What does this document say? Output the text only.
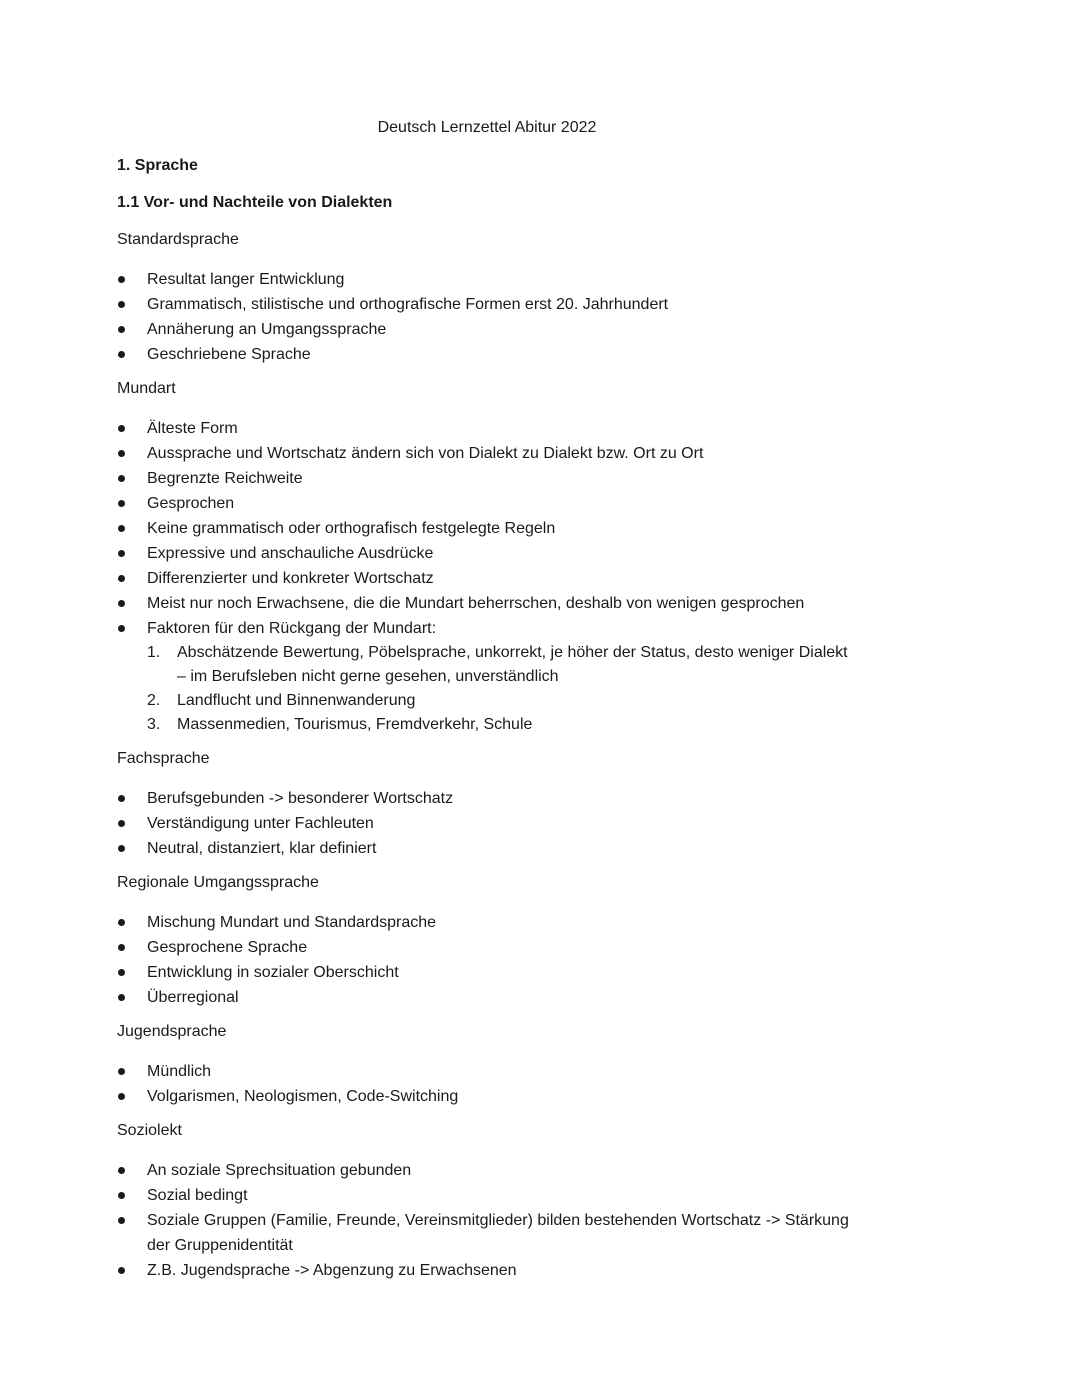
Deutsch Lernzettel Abitur 2022
1. Sprache
1.1 Vor- und Nachteile von Dialekten
Standardsprache
Resultat langer Entwicklung
Grammatisch, stilistische und orthografische Formen erst 20. Jahrhundert
Annäherung an Umgangssprache
Geschriebene Sprache
Mundart
Älteste Form
Aussprache und Wortschatz ändern sich von Dialekt zu Dialekt bzw. Ort zu Ort
Begrenzte Reichweite
Gesprochen
Keine grammatisch oder orthografisch festgelegte Regeln
Expressive und anschauliche Ausdrücke
Differenzierter und konkreter Wortschatz
Meist nur noch Erwachsene, die die Mundart beherrschen, deshalb von wenigen gesprochen
Faktoren für den Rückgang der Mundart:
1. Abschätzende Bewertung, Pöbelsprache, unkorrekt, je höher der Status, desto weniger Dialekt – im Berufsleben nicht gerne gesehen, unverständlich
2. Landflucht und Binnenwanderung
3. Massenmedien, Tourismus, Fremdverkehr, Schule
Fachsprache
Berufsgebunden -> besonderer Wortschatz
Verständigung unter Fachleuten
Neutral, distanziert, klar definiert
Regionale Umgangssprache
Mischung Mundart und Standardsprache
Gesprochene Sprache
Entwicklung in sozialer Oberschicht
Überregional
Jugendsprache
Mündlich
Volgarismen, Neologismen, Code-Switching
Soziolekt
An soziale Sprechsituation gebunden
Sozial bedingt
Soziale Gruppen (Familie, Freunde, Vereinsmitglieder) bilden bestehenden Wortschatz -> Stärkung der Gruppenidentität
Z.B. Jugendsprache -> Abgenzung zu Erwachsenen
